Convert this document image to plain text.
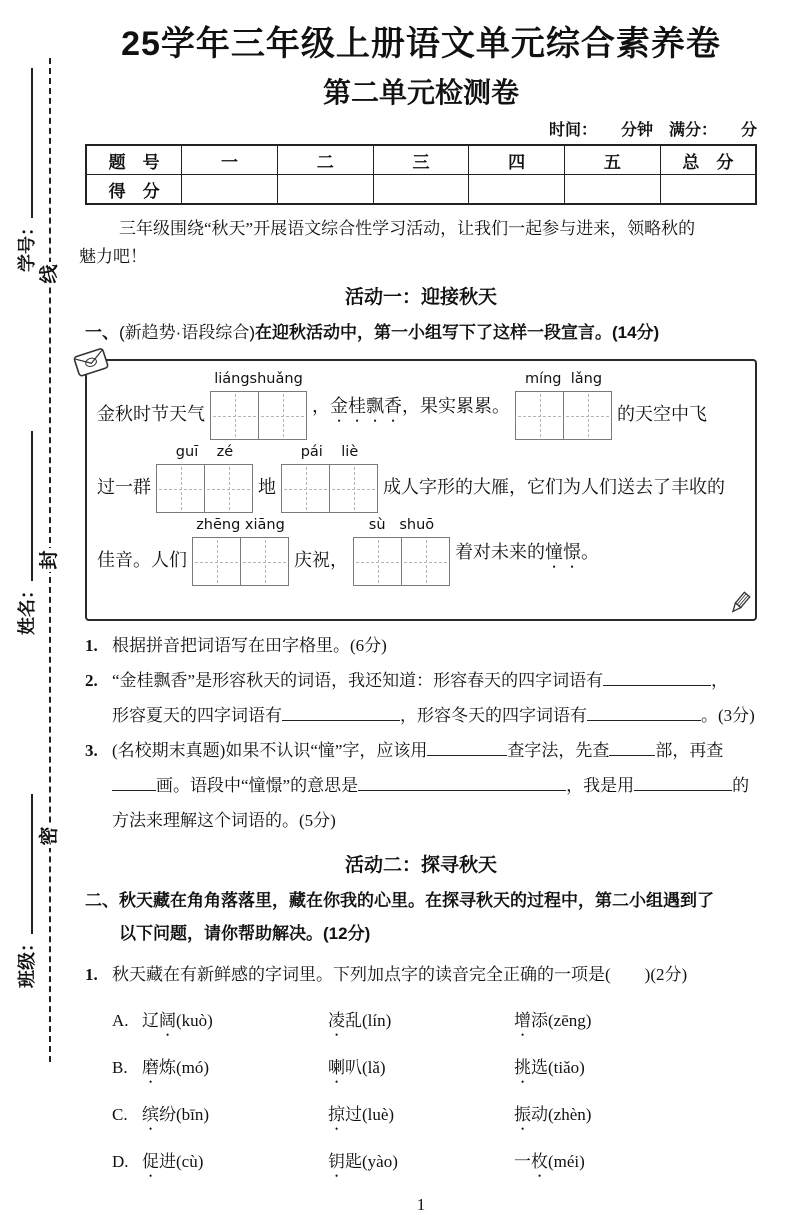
线
封
密
班级：
姓名：
学号：
25学年三年级上册语文单元综合素养卷
第二单元检测卷
时间：　　分钟　满分：　　分
题　号	一	二	三	四	五	总　分
得　分						
三年级围绕“秋天”开展语文综合性学习活动，让我们一起参与进来，领略秋的
魅力吧！
活动一：迎接秋天
一、(新趋势·语段综合)在迎秋活动中，第一小组写下了这样一段宣言。(14分)
金秋时节天气
liángshuǎng
，金桂飘香，果实累累。
míng  lǎng
的天空中飞
过一群
guī    zé
地
pái    liè
成人字形的大雁，它们为人们送去了丰收的
佳音。人们
zhēng xiāng
庆祝，
sù   shuō
着对未来的憧憬。
1. 根据拼音把词语写在田字格里。(6分)
2. “金桂飘香”是形容秋天的词语，我还知道：形容春天的四字词语有	，
形容夏天的四字词语有	，形容冬天的四字词语有	。(3分)
3. (名校期末真题)如果不认识“憧”字，应该用	查字法，先查	部，再查
画。语段中“憧憬”的意思是	，我是用	的
方法来理解这个词语的。(5分)
活动二：探寻秋天
二、秋天藏在角角落落里，藏在你我的心里。在探寻秋天的过程中，第二小组遇到了
以下问题，请你帮助解决。(12分)
1. 秋天藏在有新鲜感的字词里。下列加点字的读音完全正确的一项是(　　)(2分)
A. 辽阔(kuò)	凌乱(lín)	增添(zēng)
B. 磨炼(mó)	喇叭(lǎ)	挑选(tiǎo)
C. 缤纷(bīn)	掠过(luè)	振动(zhèn)
D. 促进(cù)	钥匙(yào)	一枚(méi)
1
